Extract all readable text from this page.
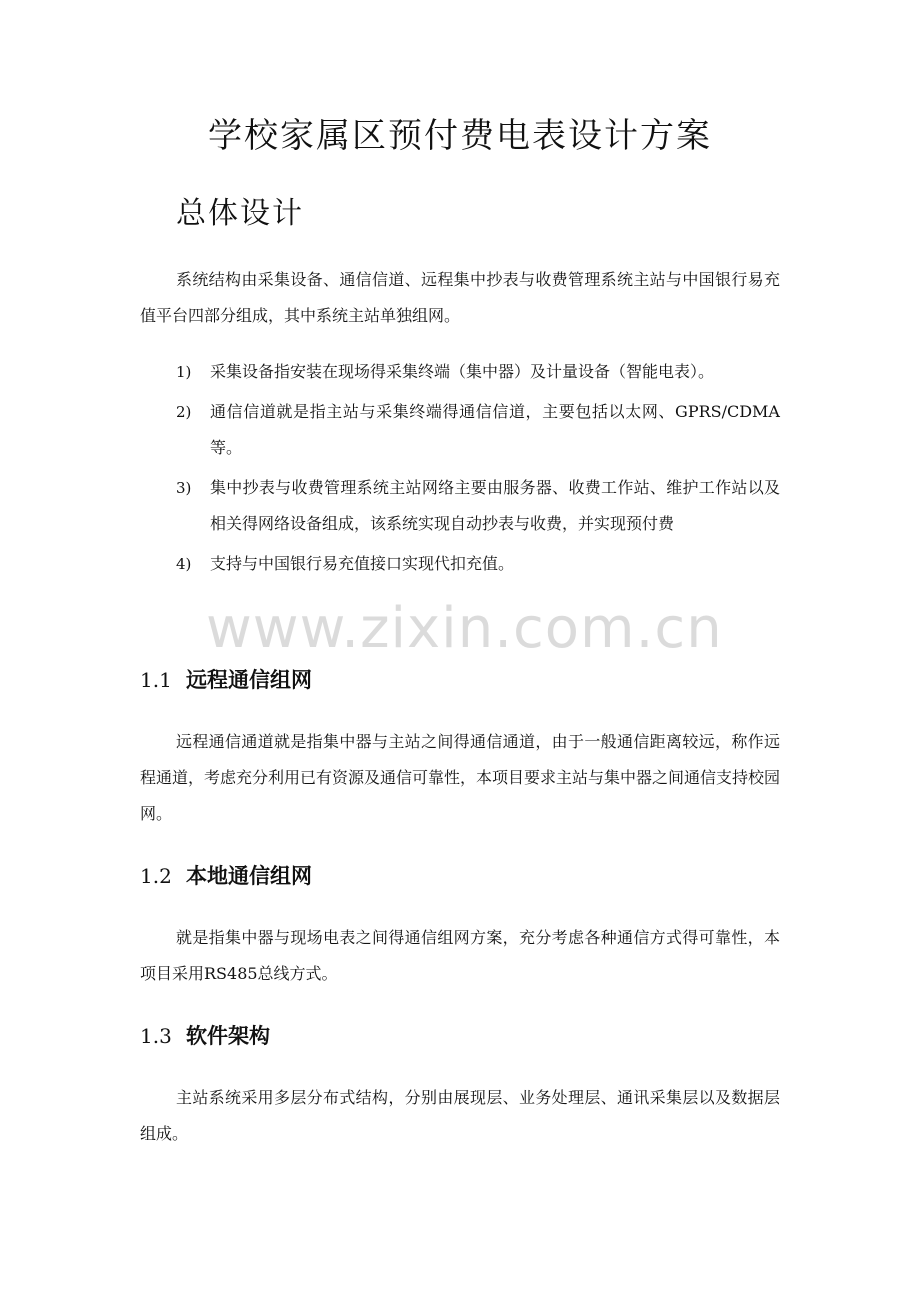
学校家属区预付费电表设计方案
总体设计

系统结构由采集设备、通信信道、远程集中抄表与收费管理系统主站与中国银行易充值平台四部分组成，其中系统主站单独组网。

1) 采集设备指安装在现场得采集终端（集中器）及计量设备（智能电表）。
2) 通信信道就是指主站与采集终端得通信信道，主要包括以太网、GPRS/CDMA等。
3) 集中抄表与收费管理系统主站网络主要由服务器、收费工作站、维护工作站以及相关得网络设备组成，该系统实现自动抄表与收费，并实现预付费
4) 支持与中国银行易充值接口实现代扣充值。
1.1 远程通信组网

远程通信通道就是指集中器与主站之间得通信通道，由于一般通信距离较远，称作远程通道，考虑充分利用已有资源及通信可靠性，本项目要求主站与集中器之间通信支持校园网。

1.2 本地通信组网

就是指集中器与现场电表之间得通信组网方案，充分考虑各种通信方式得可靠性，本项目采用RS485总线方式。

1.3 软件架构

主站系统采用多层分布式结构，分别由展现层、业务处理层、通讯采集层以及数据层组成。

www.zixin.com.cn
